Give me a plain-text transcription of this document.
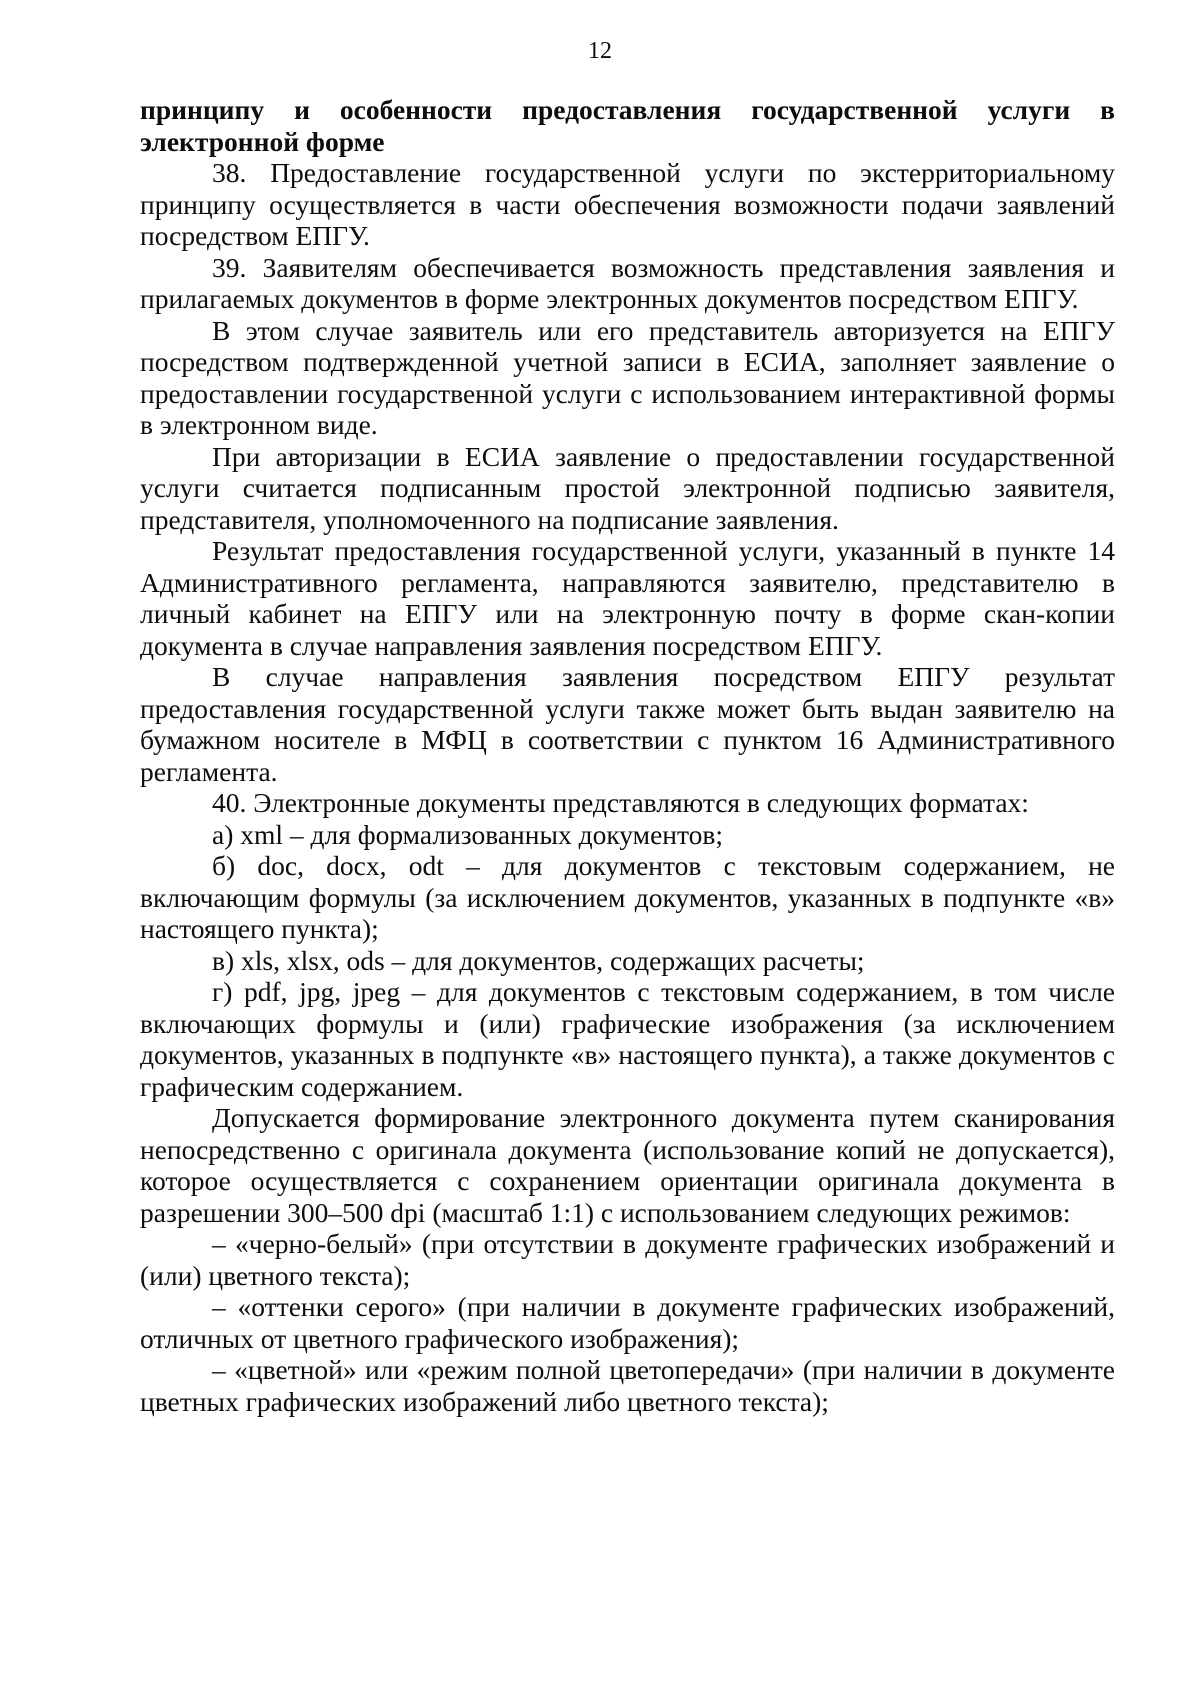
12

принципу и особенности предоставления государственной услуги в электронной форме

38. Предоставление государственной услуги по экстерриториальному принципу осуществляется в части обеспечения возможности подачи заявлений посредством ЕПГУ.

39. Заявителям обеспечивается возможность представления заявления и прилагаемых документов в форме электронных документов посредством ЕПГУ.

В этом случае заявитель или его представитель авторизуется на ЕПГУ посредством подтвержденной учетной записи в ЕСИА, заполняет заявление о предоставлении государственной услуги с использованием интерактивной формы в электронном виде.

При авторизации в ЕСИА заявление о предоставлении государственной услуги считается подписанным простой электронной подписью заявителя, представителя, уполномоченного на подписание заявления.

Результат предоставления государственной услуги, указанный в пункте 14 Административного регламента, направляются заявителю, представителю в личный кабинет на ЕПГУ или на электронную почту в форме скан-копии документа в случае направления заявления посредством ЕПГУ.

В случае направления заявления посредством ЕПГУ результат предоставления государственной услуги также может быть выдан заявителю на бумажном носителе в МФЦ в соответствии с пунктом 16 Административного регламента.

40. Электронные документы представляются в следующих форматах:

а) xml – для формализованных документов;

б) doc, docx, odt – для документов с текстовым содержанием, не включающим формулы (за исключением документов, указанных в подпункте «в» настоящего пункта);

в) xls, xlsx, ods – для документов, содержащих расчеты;

г) pdf, jpg, jpeg – для документов с текстовым содержанием, в том числе включающих формулы и (или) графические изображения (за исключением документов, указанных в подпункте «в» настоящего пункта), а также документов с графическим содержанием.

Допускается формирование электронного документа путем сканирования непосредственно с оригинала документа (использование копий не допускается), которое осуществляется с сохранением ориентации оригинала документа в разрешении 300–500 dpi (масштаб 1:1) с использованием следующих режимов:

– «черно-белый» (при отсутствии в документе графических изображений и (или) цветного текста);

– «оттенки серого» (при наличии в документе графических изображений, отличных от цветного графического изображения);

– «цветной» или «режим полной цветопередачи» (при наличии в документе цветных графических изображений либо цветного текста);
